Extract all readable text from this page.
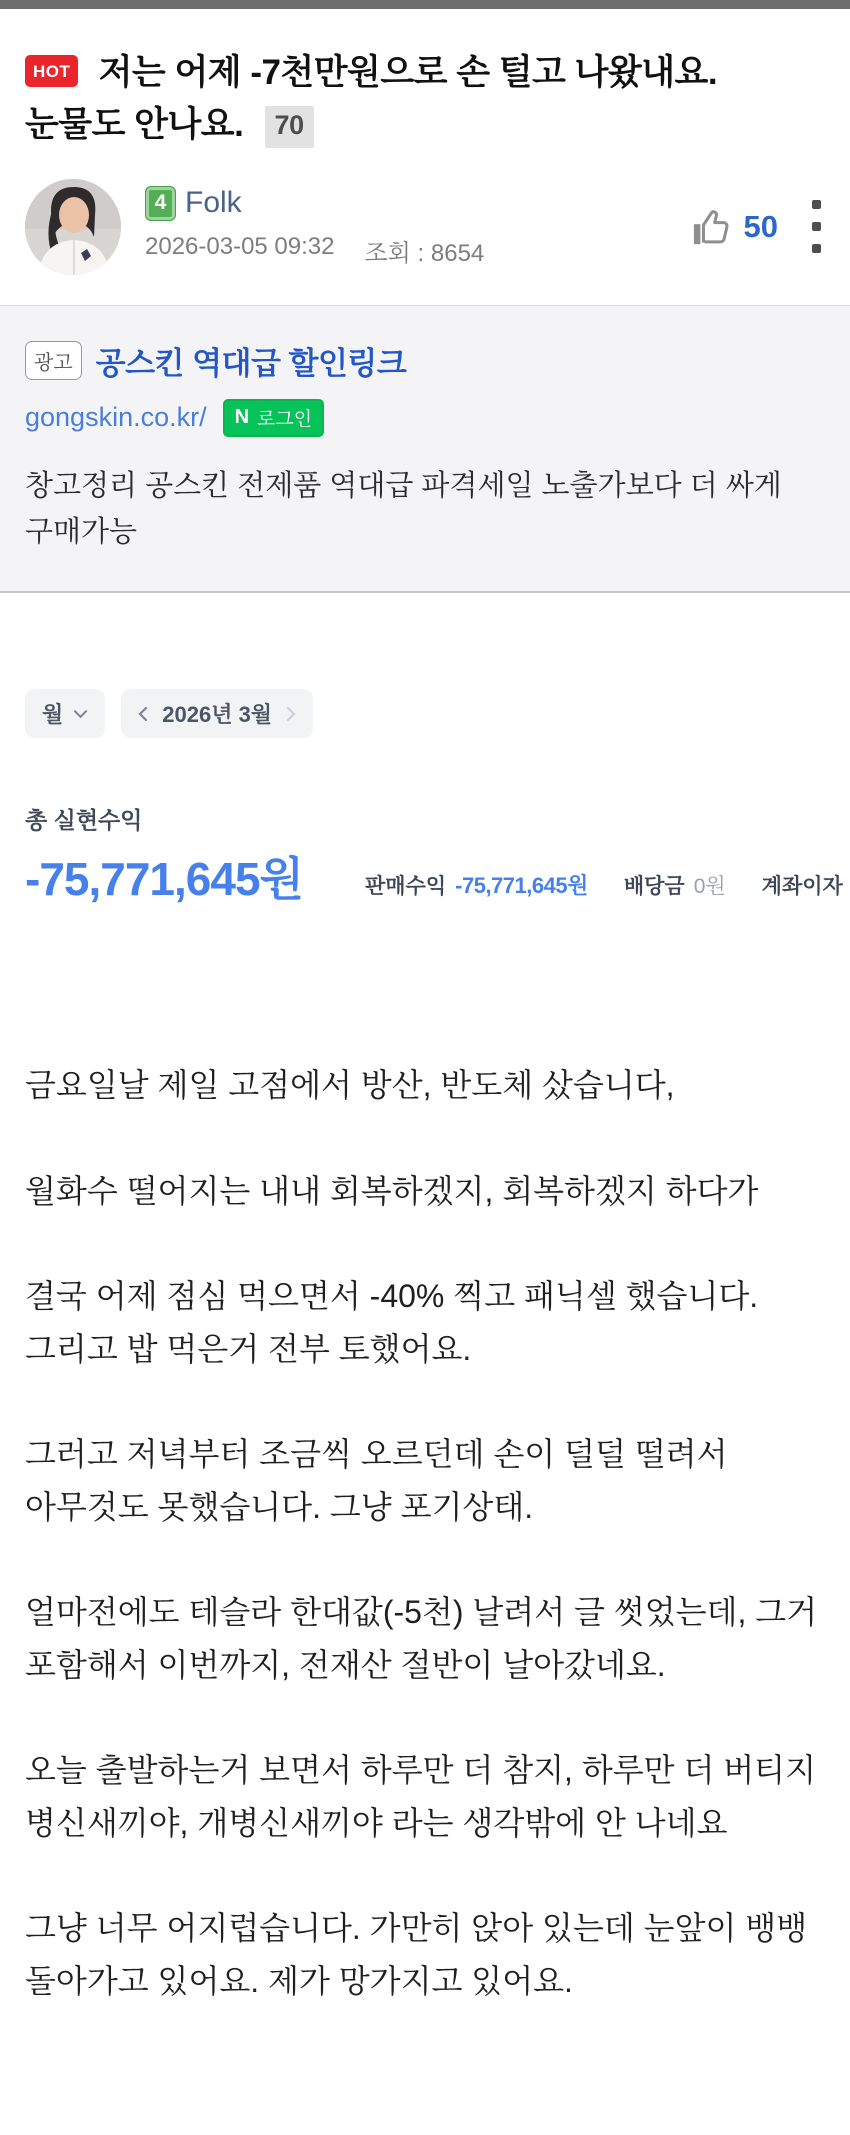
HOT 저는 어제 -7천만원으로 손 털고 나왔내요. 눈물도 안나요. 70
4 Folk
2026-03-05 09:32 조회 : 8654
50
광고 공스킨 역대급 할인링크
gongskin.co.kr/ N 로그인

창고정리 공스킨 전제품 역대급 파격세일 노출가보다 더 싸게 구매가능

월	2026년 3월
총 실현수익
-75,771,645원	판매수익 -75,771,645원 배당금 0원 계좌이자

금요일날 제일 고점에서 방산, 반도체 샀습니다,

월화수 떨어지는 내내 회복하겠지, 회복하겠지 하다가

결국 어제 점심 먹으면서 -40% 찍고 패닉셀 했습니다. 그리고 밥 먹은거 전부 토했어요.

그러고 저녁부터 조금씩 오르던데 손이 덜덜 떨려서 아무것도 못했습니다. 그냥 포기상태.

얼마전에도 테슬라 한대값(-5천) 날려서 글 썻었는데, 그거 포함해서 이번까지, 전재산 절반이 날아갔네요.

오늘 출발하는거 보면서 하루만 더 참지, 하루만 더 버티지 병신새끼야, 개병신새끼야 라는 생각밖에 안 나네요

그냥 너무 어지럽습니다. 가만히 앉아 있는데 눈앞이 뱅뱅 돌아가고 있어요. 제가 망가지고 있어요.
